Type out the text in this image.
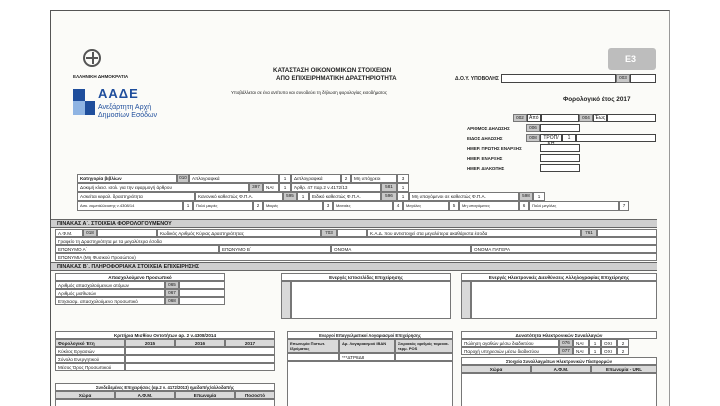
ΕΛΛΗΝΙΚΗ ΔΗΜΟΚΡΑΤΙΑ
ΑΑΔΕ
Ανεξάρτητη Αρχή
Δημοσίων Εσόδων
ΚΑΤΑΣΤΑΣΗ ΟΙΚΟΝΟΜΙΚΩΝ ΣΤΟΙΧΕΙΩΝ
ΑΠΟ ΕΠΙΧΕΙΡΗΜΑΤΙΚΗ ΔΡΑΣΤΗΡΙΟΤΗΤΑ
Υποβάλλεται σε ένα αντίτυπο και συνοδεύει τη δήλωση φορολογίας εισοδήματος
Δ.Ο.Υ. ΥΠΟΒΟΛΗΣ	003
Ε3
Φορολογικό έτος 2017
002	Από	004	Έως
ΑΡΙΘΜΟΣ ΔΗΛΩΣΗΣ	006
ΕΙΔΟΣ ΔΗΛΩΣΗΣ	008	ΤΡΟΠ/	1
ΗΜΕΡ. ΠΡΩΤΗΣ ΕΝΑΡΞΗΣ
ΗΜΕΡ. ΕΝΑΡΞΗΣ
ΗΜΕΡ. ΔΙΑΚΟΠΗΣ
Κατηγορία βιβλίων	010	Απλογραφικά	1	Διπλογραφικά	2	Μη υπόχρεοι	3
Δοκιμή κλεισ. ισολ. για την εφαρμογή άρθρου	397	ΝΑΙ	1	Άρθρ. 47 παρ.2 ν.4172/13	581	1
Ασκείται κεφαλ. δραστηριότητα	Κανονικό καθεστώς Φ.Π.Α.	595	1	Ειδικό καθεστώς Φ.Π.Α.	596	1	Μη υπαγόμενοι σε καθεστώς Φ.Π.Α.	598	1
Ασκ. εκμετάλλευσης ν.4308/14	1	Πολύ μικρές	2	Μικρές	3	Μεσαίες	4	Μεγάλες	5	Μη υπαγόμενες	6	Πολύ μεγάλες	7
ΠΙΝΑΚΑΣ Α΄. ΣΤΟΙΧΕΙΑ ΦΟΡΟΛΟΓΟΥΜΕΝΟΥ
Α.Φ.Μ.	018	Κωδικός Αριθμός Κύριας Δραστηριότητας	703	Κ.Α.Δ. που αντιστοιχεί στα μεγαλύτερα ακαθάριστα έσοδα	761
Γραφείο τη Δραστηριότητα με τα μεγαλύτερα έσοδα
ΕΠΩΝΥΜΟ Α΄	ΕΠΩΝΥΜΟ Β΄	ΟΝΟΜΑ	ΟΝΟΜΑ ΠΑΤΕΡΑ
ΕΠΩΝΥΜΙΑ (Μη Φυσικού Προσώπου)
ΠΙΝΑΚΑΣ Β΄. ΠΛΗΡΟΦΟΡΙΑΚΑ ΣΤΟΙΧΕΙΑ ΕΠΙΧΕΙΡΗΣΗΣ
Απασχολούμενο Προσωπικό
Αριθμός απασχολούμενων ατόμων	065
Αριθμός μισθωτών	067
Ετησιασμ. απασχολούμενο προσωπικό	068
Ενεργές Ιστοσελίδες Επιχείρησης	Ενεργές Ηλεκτρονικές Διευθύνσεις Αλληλογραφίας Επιχείρησης
Κριτήρια Μισθίου Οντοτήτων αρ. 2 ν.4308/2014
Φορολογικό Έτη	2015	2016	2017
Κύκλος Εργασιών
Σύνολο Ενεργητικού
Μέσος Όρος Προσωπικού
Συνδεδεμένες Επιχειρήσεις (αρ.2 ν. 4172/2013) ημεδαπής/αλλοδαπής
Χώρα	Α.Φ.Μ.	Επωνυμία	Ποσοστό
Ενεργοί Επαγγελματικοί Λογαριασμοί Επιχείρησης
Επωνυμία Πιστωτ. Ιδρύματος
Αρ. Λογαριασμού IBAN	Σειριακός αριθμός ταμειακ. τερμ. POS
***ΔΤΡ8Δ8
Δυνατότητα Ηλεκτρονικών Συναλλαγών
Πώληση αγαθών μέσω διαδικτύου	076	ΝΑΙ	1	ΟΧΙ	2
Παροχή υπηρεσιών μέσω διαδικτύου	077	ΝΑΙ	1	ΟΧΙ	2
Στοιχεία Συναλλαγμάτων Ηλεκτρονικών Πλατφορμών
Χώρα	Α.Φ.Μ.	Επωνυμία - URL
